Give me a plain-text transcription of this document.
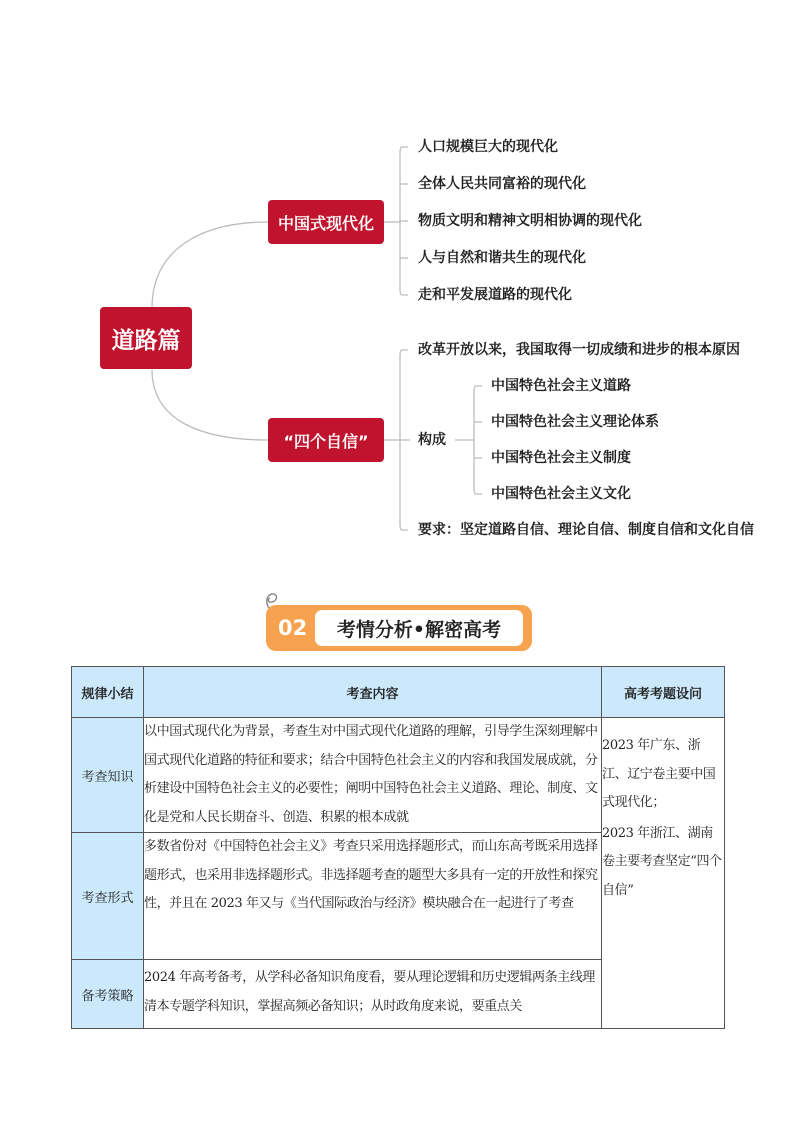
道路篇
中国式现代化
“四个自信”
人口规模巨大的现代化
全体人民共同富裕的现代化
物质文明和精神文明相协调的现代化
人与自然和谐共生的现代化
走和平发展道路的现代化
改革开放以来，我国取得一切成绩和进步的根本原因
构成
中国特色社会主义道路
中国特色社会主义理论体系
中国特色社会主义制度
中国特色社会主义文化
要求：坚定道路自信、理论自信、制度自信和文化自信
02	考情分析•解密高考
规律小结	考查内容	高考考题设问
考查知识	以中国式现代化为背景，考查生对中国式现代化道路的理解，引导学生深刻理解中国式现代化道路的特征和要求；结合中国特色社会主义的内容和我国发展成就，分析建设中国特色社会主义的必要性；阐明中国特色社会主义道路、理论、制度、文化是党和人民长期奋斗、创造、积累的根本成就	2023 年广东、浙江、辽宁卷主要中国式现代化；
2023 年浙江、湖南卷主要考查坚定“四个自信”

考查形式	多数省份对《中国特色社会主义》考查只采用选择题形式，而山东高考既采用选择题形式，也采用非选择题形式。非选择题考查的题型大多具有一定的开放性和探究性，并且在 2023 年又与《当代国际政治与经济》模块融合在一起进行了考查	
备考策略	2024 年高考备考，从学科必备知识角度看，要从理论逻辑和历史逻辑两条主线理清本专题学科知识，掌握高频必备知识；从时政角度来说，要重点关	
